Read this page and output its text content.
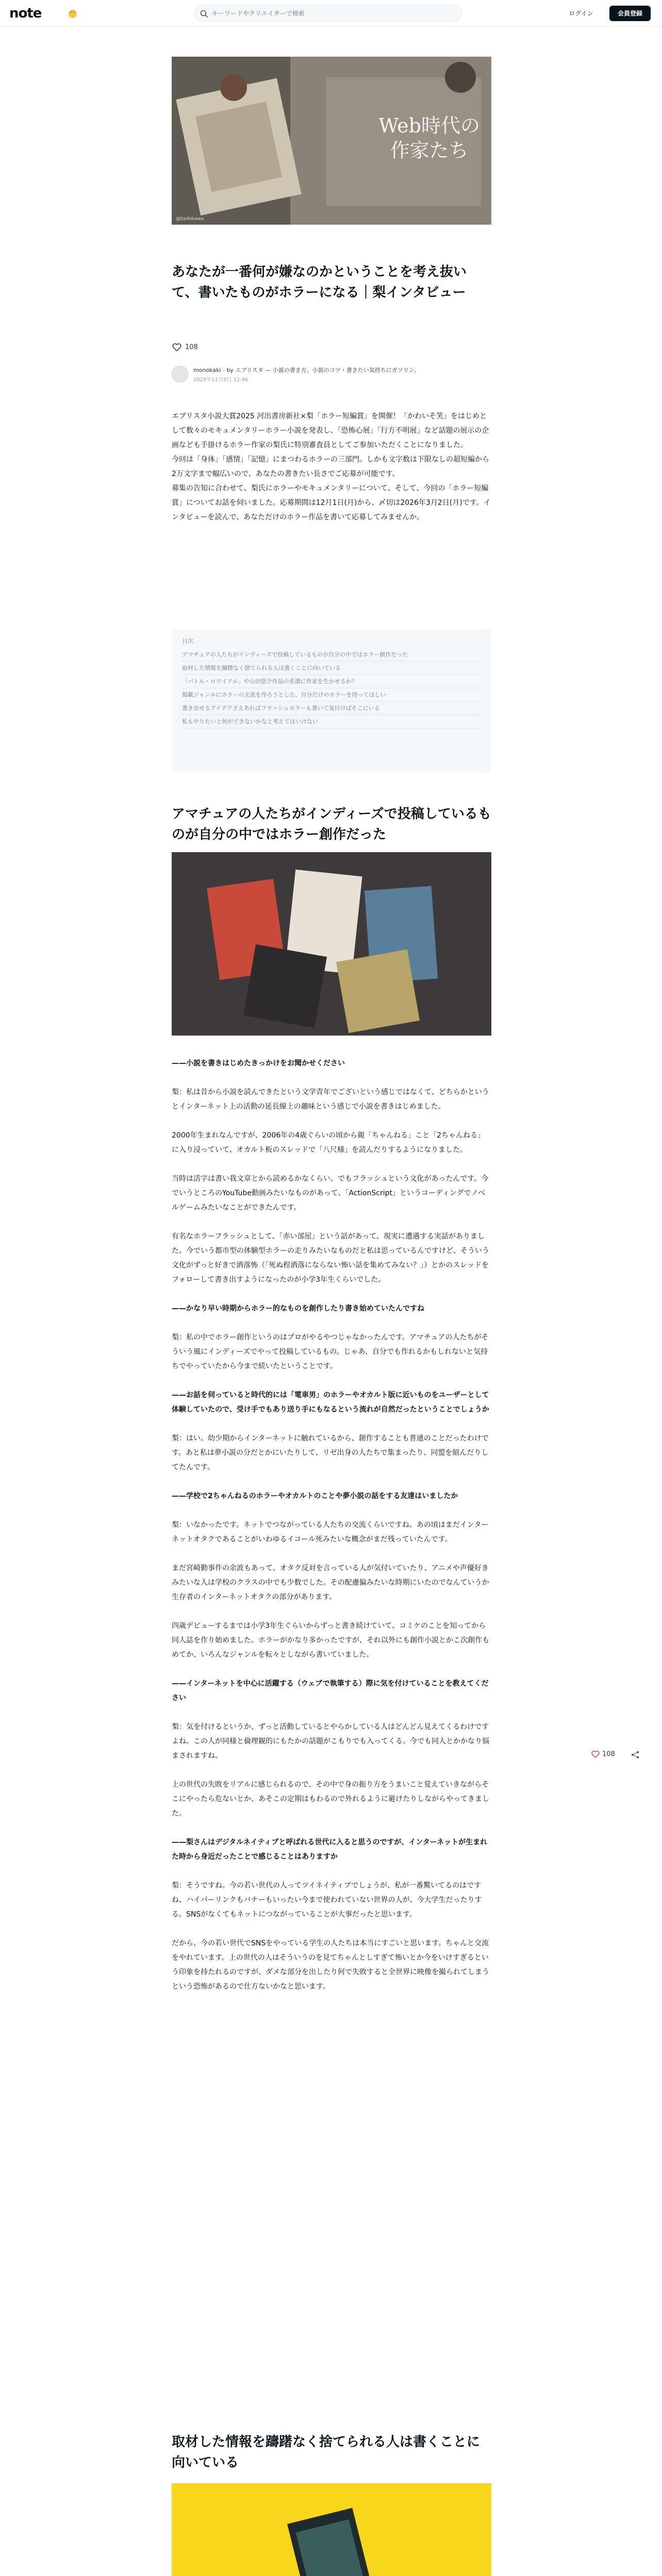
note
キーワードやクリエイターで検索	ログイン	会員登録
Web時代の
作家たち
@kadokawa
あなたが一番何が嫌なのかということを考え抜いて、書いたものがホラーになる｜梨インタビュー
108
monokaki - by エブリスタ — 小説の書き方、小説のコツ・書きたい気持ちにガソリン。
2025年11月5日 12:46

エブリスタ小説大賞2025 河出書房新社×梨「ホラー短編賞」を開催！「かわいそ笑」をはじめとして数々のモキュメンタリーホラー小説を発表し、「恐怖心展」「行方不明展」など話題の展示の企画なども手掛けるホラー作家の梨氏に特別審査員としてご参加いただくことになりました。

今回は「身体」「感情」「記憶」にまつわるホラーの三部門。しかも文字数は下限なしの超短編から2万文字まで幅広いので、あなたの書きたい長さでご応募が可能です。

募集の告知に合わせて、梨氏にホラーやモキュメンタリーについて、そして、今回の「ホラー短編賞」についてお話を伺いました。応募期間は12月1日(月)から、〆切は2026年3月2日(月)です。インタビューを読んで、あなただけのホラー作品を書いて応募してみませんか。

目次
アマチュアの人たちがインディーズで投稿しているものが自分の中ではホラー創作だった
取材した情報を躊躇なく捨てられる人は書くことに向いている
「バトル・ロワイアル」や山田悠介作品の系譜に作家を生かせるか？
掲載ジャンルにホラーの支流を作ろうとした、自分だけのホラーを持ってほしい
書き出せるアイデアさえあればフラッシュホラーも書いて気付けばそこにいる
私もやりたいと何ができないかなと考えてはいけない
アマチュアの人たちがインディーズで投稿しているものが自分の中ではホラー創作だった

——小説を書きはじめたきっかけをお聞かせください

梨：私は昔から小説を読んできたという文学青年でございという感じではなくて、どちらかというとインターネット上の活動の延長線上の趣味という感じで小説を書きはじめました。

2000年生まれなんですが、2006年の4歳ぐらいの頃から親「ちゃんねる」こと「2ちゃんねる」に入り浸っていて、オカルト板のスレッドで「八尺様」を読んだりするようになりました。

当時は活字は書い我文章とから読めるかなくらい。でもフラッシュという文化があったんです。今でいうところのYouTube動画みたいなものがあって、「ActionScript」というコーディングでノベルゲームみたいなことができたんです。

有名なホラーフラッシュとして、「赤い部屋」という話があって、現実に遭遇する実話がありました。今でいう都市型の体験型ホラーの走りみたいなものだと私は思っているんですけど、そういう文化がずっと好きで洒落怖（「死ぬ程洒落にならない怖い話を集めてみない？」）とかのスレッドをフォローして書き出すようになったのが小学3年生くらいでした。

——かなり早い時期からホラー的なものを創作したり書き始めていたんですね

梨：私の中でホラー創作というのはプロがやるやつじゃなかったんです。アマチュアの人たちがそういう風にインディーズでやって投稿しているもの。じゃあ、自分でも作れるかもしれないと気持ちでやっていたから今まで続いたということです。

——お話を伺っていると時代的には「電車男」のホラーやオカルト版に近いものをユーザーとして体験していたので、受け手でもあり送り手にもなるという流れが自然だったということでしょうか

梨：はい。幼少期からインターネットに触れているから、創作することも普通のことだったわけです。あと私は夢小説の分だとかにいたりして、リゼ出身の人たちで集まったり、同盟を組んだりしてたんです。

——学校で2ちゃんねるのホラーやオカルトのことや夢小説の話をする友達はいましたか

梨：いなかったです。ネットでつながっている人たちの交流くらいですね。あの頃はまだインターネットオタクであることがいわゆるイコール死みたいな概念がまだ残っていたんです。

まだ宮崎勤事件の余波もあって、オタク反対を言っている人が気付いていたり、アニメや声優好きみたいな人は学校のクラスの中でも少数でした。その配慮偏みたいな時期にいたのでなんていうか生存者のインターネットオタクの部分があります。

四歳デビューするまでは小学3年生ぐらいからずっと書き続けていて、コミケのことを知ってから同人誌を作り始めました。ホラーがかなり多かったですが、それ以外にも創作小説とかこ次創作もめてか、いろんなジャンルを転々としながら書いていました。

——インターネットを中心に活躍する（ウェブで執筆する）際に気を付けていることを教えてください

梨：気を付けるというか、ずっと活動しているとやらかしている人はどんどん見えてくるわけですよね。この人が同様と倫理観的にもたかの話題がこもりでも入ってくる。今でも同人とかかなり悩まされますね。

上の世代の失敗をリアルに感じられるので、その中で身の振り方をうまいこと覚えていきながらそこにやったら危ないとか、あそこの定期はもわるので外れるように避けたりしながらやってきました。

——梨さんはデジタルネイティブと呼ばれる世代に入ると思うのですが、インターネットが生まれた時から身近だったことで感じることはありますか

梨：そうですね。今の若い世代の人ってツイネイティブでしょうが、私が一番驚いてるのはですね、ハイパーリンクもバナーもいったい今まで使われていない世界の人が、今大学生だったりする。SNSがなくてもネットにつながっていることが大事だったと思います。

だから、今の若い世代でSNSをやっている学生の人たちは本当にすごいと思います。ちゃんと交流をやれています。上の世代の人はそういうのを見てちゃんとしすぎて怖いとか今をいけすぎるという印象を持たれるのですが、ダメな部分を出したり何で失敗すると全世界に映像を撮られてしまうという恐怖があるので仕方ないかなと思います。

108
取材した情報を躊躇なく捨てられる人は書くことに向いている
